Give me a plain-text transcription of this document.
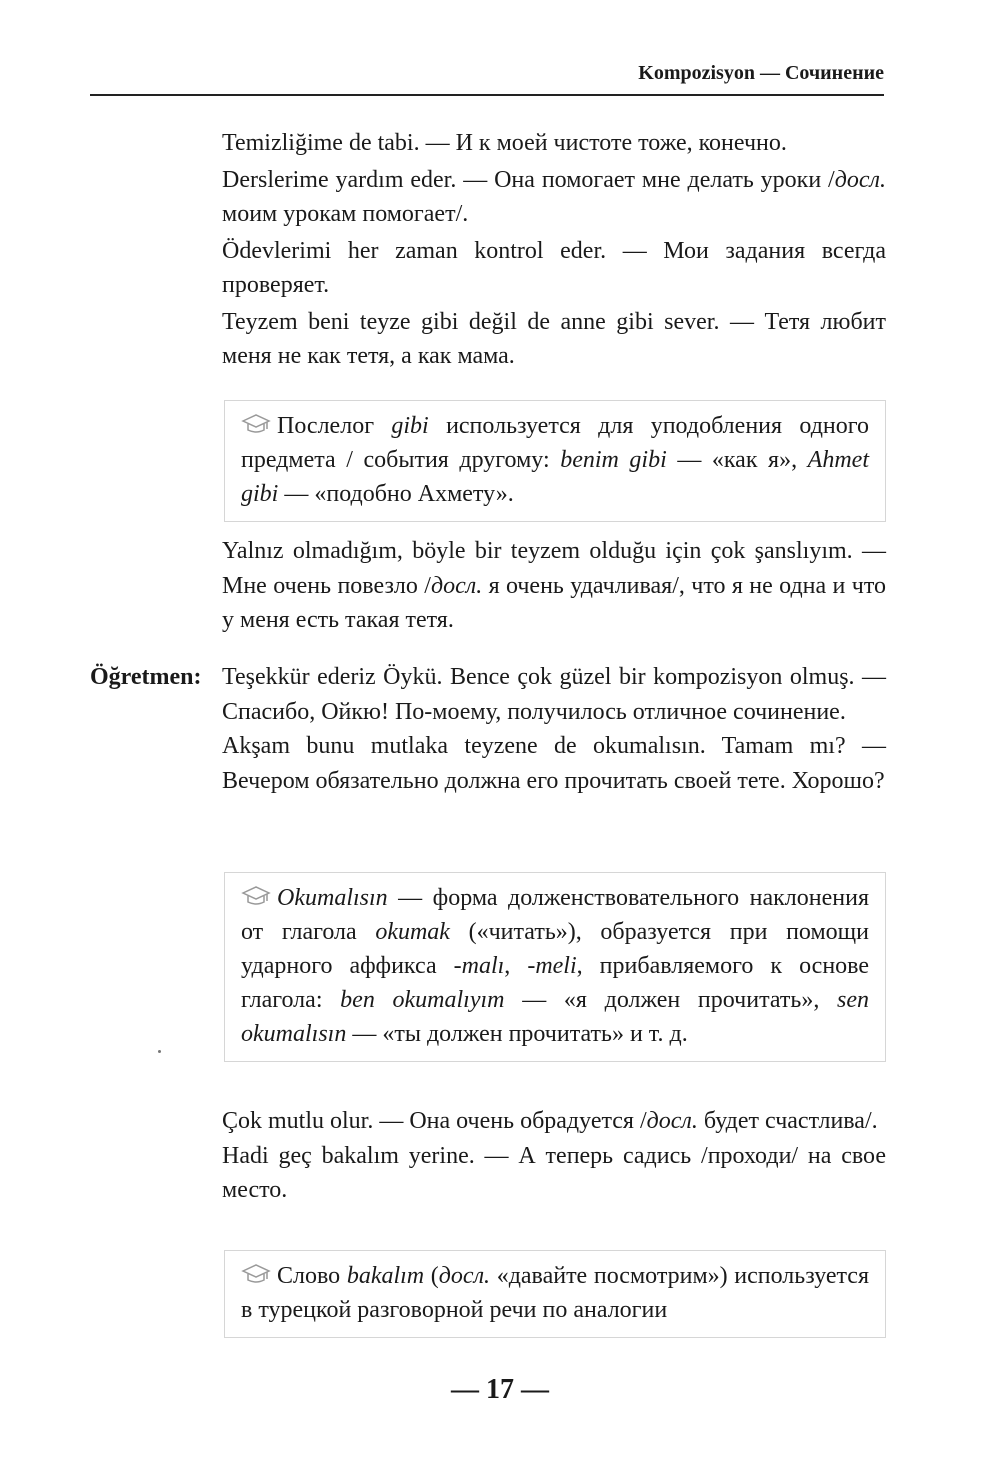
Kompozisyon — Сочинение

Temizliğime de tabi. — И к моей чистоте тоже, конечно.

Derslerime yardım eder. — Она помогает мне делать уроки /досл. моим урокам помогает/.

Ödevlerimi her zaman kontrol eder. — Мои задания всегда проверяет.

Teyzem beni teyze gibi değil de anne gibi sever. — Тетя любит меня не как тетя, а как мама.

Послелог gibi используется для уподобления одного предмета / события другому: benim gibi — «как я», Ahmet gibi — «подобно Ахмету».

Yalnız olmadığım, böyle bir teyzem olduğu için çok şanslıyım. — Мне очень повезло /досл. я очень удачливая/, что я не одна и что у меня есть такая тетя.

Öğretmen: Teşekkür ederiz Öykü. Bence çok güzel bir kompozisyon olmuş. — Спасибо, Ойкю! По-моему, получилось отличное сочинение.

Akşam bunu mutlaka teyzene de okumalısın. Tamam mı? — Вечером обязательно должна его прочитать своей тете. Хорошо?

Okumalısın — форма долженствовательного наклонения от глагола okumak («читать»), образуется при помощи ударного аффикса -malı, -meli, прибавляемого к основе глагола: ben okumalıyım — «я должен прочитать», sen okumalısın — «ты должен прочитать» и т. д.

Çok mutlu olur. — Она очень обрадуется /досл. будет счастлива/.

Hadi geç bakalım yerine. — А теперь садись /проходи/ на свое место.

Слово bakalım (досл. «давайте посмотрим») используется в турецкой разговорной речи по аналогии

— 17 —
